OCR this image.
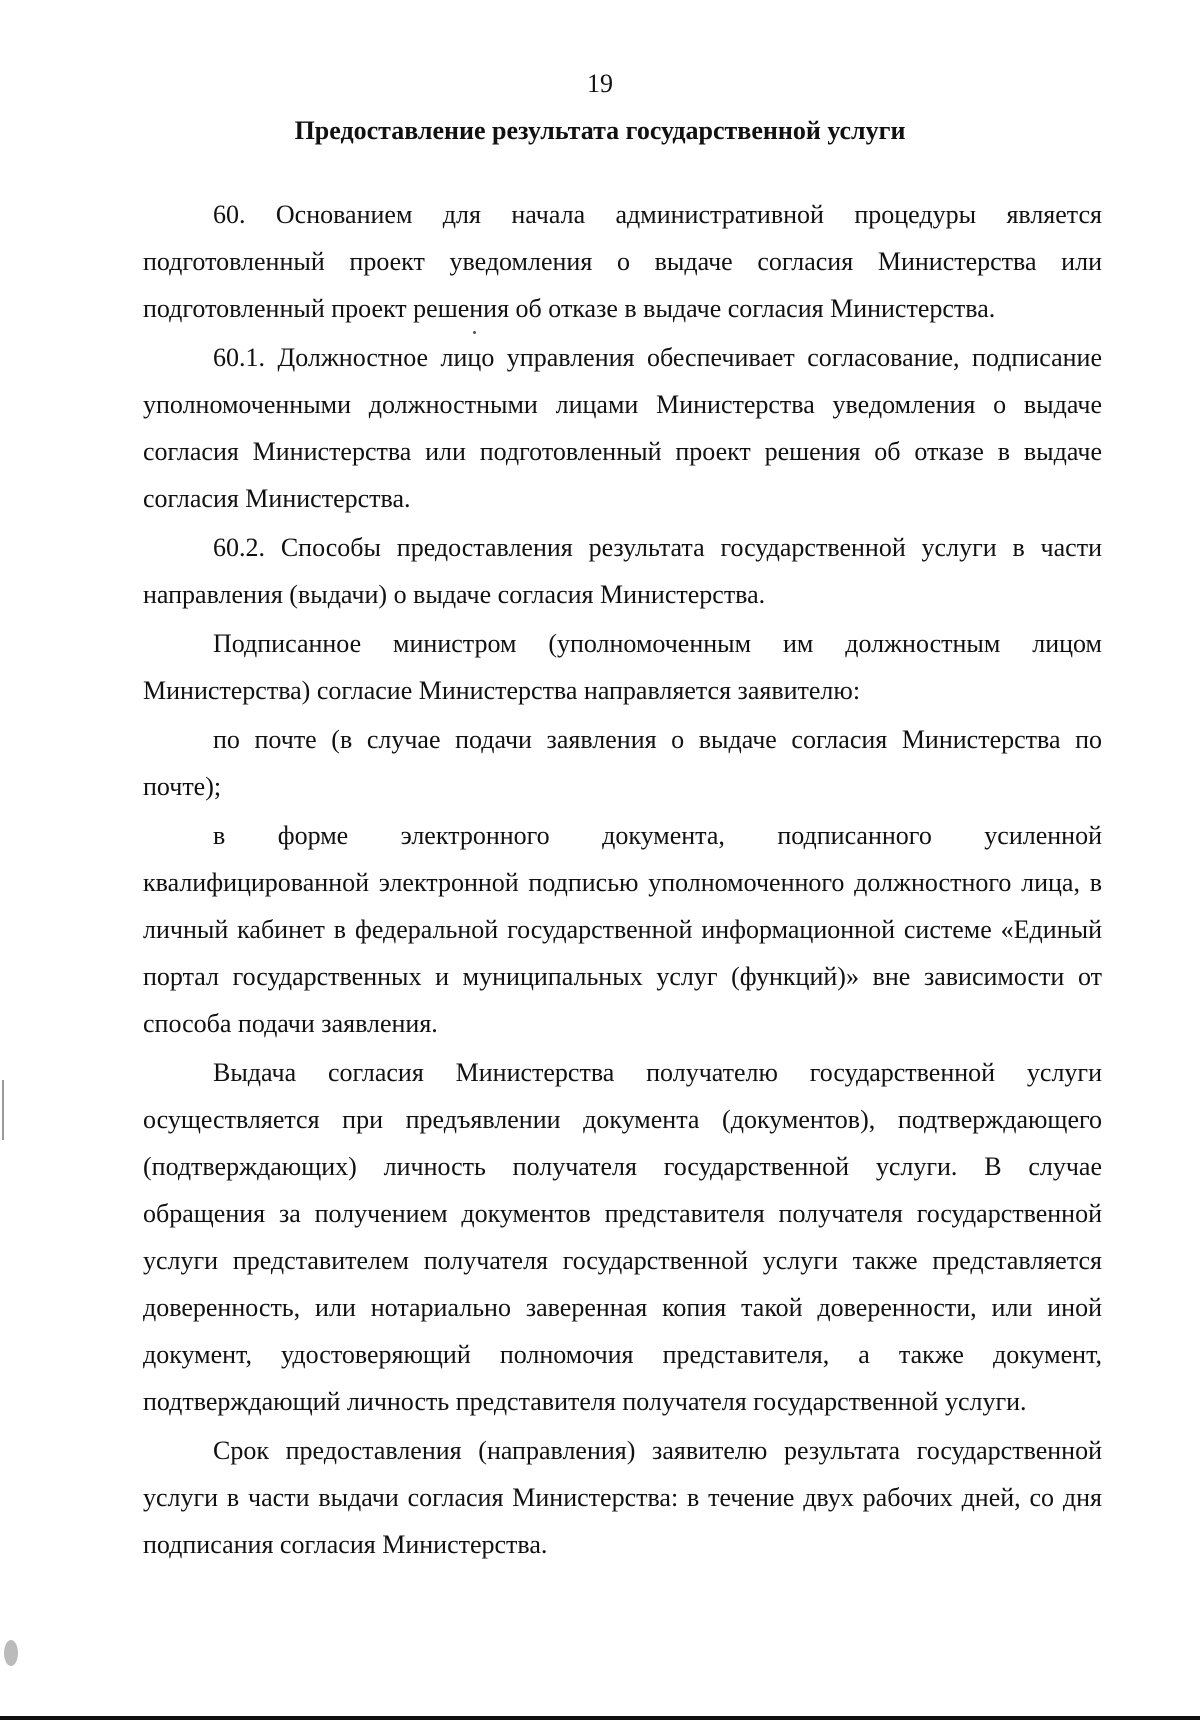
19
Предоставление результата государственной услуги

60. Основанием для начала административной процедуры является подготовленный проект уведомления о выдаче согласия Министерства или подготовленный проект решения об отказе в выдаче согласия Министерства.

60.1. Должностное лицо управления обеспечивает согласование, подписание уполномоченными должностными лицами Министерства уведомления о выдаче согласия Министерства или подготовленный проект решения об отказе в выдаче согласия Министерства.

60.2. Способы предоставления результата государственной услуги в части направления (выдачи) о выдаче согласия Министерства.

Подписанное министром (уполномоченным им должностным лицом Министерства) согласие Министерства направляется заявителю:

по почте (в случае подачи заявления о выдаче согласия Министерства по почте);

в форме электронного документа, подписанного усиленной квалифицированной электронной подписью уполномоченного должностного лица, в личный кабинет в федеральной государственной информационной системе «Единый портал государственных и муниципальных услуг (функций)» вне зависимости от способа подачи заявления.

Выдача согласия Министерства получателю государственной услуги осуществляется при предъявлении документа (документов), подтверждающего (подтверждающих) личность получателя государственной услуги. В случае обращения за получением документов представителя получателя государственной услуги представителем получателя государственной услуги также представляется доверенность, или нотариально заверенная копия такой доверенности, или иной документ, удостоверяющий полномочия представителя, а также документ, подтверждающий личность представителя получателя государственной услуги.

Срок предоставления (направления) заявителю результата государственной услуги в части выдачи согласия Министерства: в течение двух рабочих дней, со дня подписания согласия Министерства.
